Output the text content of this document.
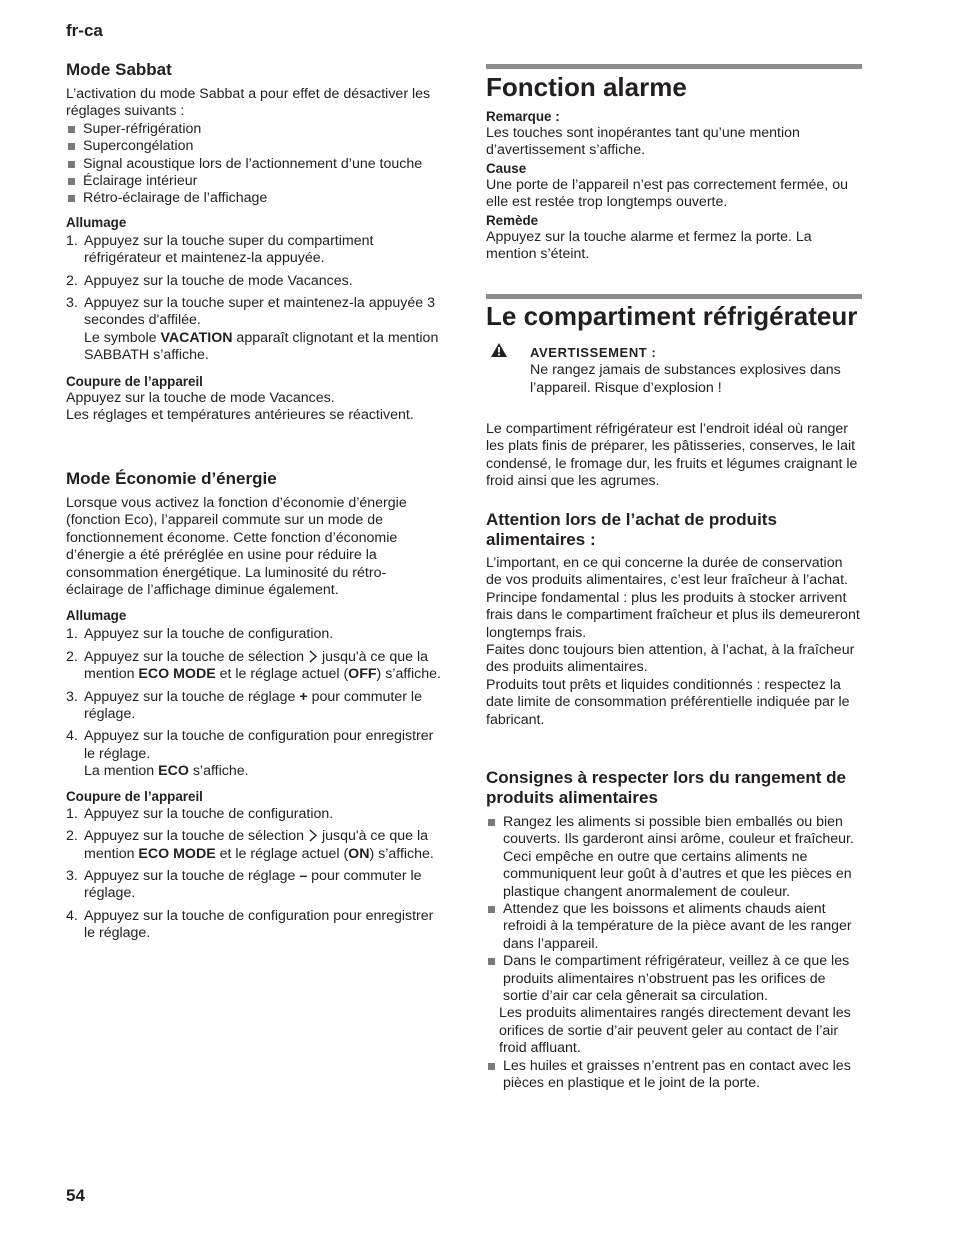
fr-ca
Mode Sabbat

L’activation du mode Sabbat a pour effet de désactiver les réglages suivants :

Super-réfrigération
Supercongélation
Signal acoustique lors de l’actionnement d’une touche
Éclairage intérieur
Rétro-éclairage de l’affichage

Allumage

1. Appuyez sur la touche super du compartiment réfrigérateur et maintenez-la appuyée.
2. Appuyez sur la touche de mode Vacances.
3. Appuyez sur la touche super et maintenez-la appuyée 3 secondes d'affilée.

Le symbole VACATION apparaît clignotant et la mention SABBATH s’affiche.

Coupure de l’appareil

Appuyez sur la touche de mode Vacances.

Les réglages et températures antérieures se réactivent.

Mode Économie d’énergie

Lorsque vous activez la fonction d’économie d’énergie (fonction Eco), l’appareil commute sur un mode de fonctionnement économe. Cette fonction d’économie d’énergie a été préréglée en usine pour réduire la consommation énergétique. La luminosité du rétro-éclairage de l’affichage diminue également.

Allumage

1. Appuyez sur la touche de configuration.
2. Appuyez sur la touche de sélection  jusqu'à ce que la mention ECO MODE et le réglage actuel (OFF) s’affiche.
3. Appuyez sur la touche de réglage + pour commuter le réglage.
4. Appuyez sur la touche de configuration pour enregistrer le réglage.

La mention ECO s’affiche.

Coupure de l’appareil

1. Appuyez sur la touche de configuration.
2. Appuyez sur la touche de sélection  jusqu'à ce que la mention ECO MODE et le réglage actuel (ON) s’affiche.
3. Appuyez sur la touche de réglage – pour commuter le réglage.
4. Appuyez sur la touche de configuration pour enregistrer le réglage.
Fonction alarme

Remarque :

Les touches sont inopérantes tant qu’une mention d’avertissement s’affiche.

Cause

Une porte de l’appareil n’est pas correctement fermée, ou elle est restée trop longtemps ouverte.

Remède

Appuyez sur la touche alarme et fermez la porte. La mention s’éteint.

Le compartiment réfrigérateur

AVERTISSEMENT :

Ne rangez jamais de substances explosives dans l’appareil. Risque d’explosion !

Le compartiment réfrigérateur est l’endroit idéal où ranger les plats finis de préparer, les pâtisseries, conserves, le lait condensé, le fromage dur, les fruits et légumes craignant le froid ainsi que les agrumes.

Attention lors de l’achat de produits alimentaires :

L’important, en ce qui concerne la durée de conservation de vos produits alimentaires, c’est leur fraîcheur à l’achat.

Principe fondamental : plus les produits à stocker arrivent frais dans le compartiment fraîcheur et plus ils demeureront longtemps frais.

Faites donc toujours bien attention, à l’achat, à la fraîcheur des produits alimentaires.

Produits tout prêts et liquides conditionnés : respectez la date limite de consommation préférentielle indiquée par le fabricant.

Consignes à respecter lors du rangement de produits alimentaires
Rangez les aliments si possible bien emballés ou bien couverts. Ils garderont ainsi arôme, couleur et fraîcheur. Ceci empêche en outre que certains aliments ne communiquent leur goût à d’autres et que les pièces en plastique changent anormalement de couleur.
Attendez que les boissons et aliments chauds aient refroidi à la température de la pièce avant de les ranger dans l’appareil.
Dans le compartiment réfrigérateur, veillez à ce que les produits alimentaires n’obstruent pas les orifices de sortie d’air car cela gênerait sa circulation.

Les produits alimentaires rangés directement devant les orifices de sortie d’air peuvent geler au contact de l’air froid affluant.

Les huiles et graisses n’entrent pas en contact avec les pièces en plastique et le joint de la porte.
54
